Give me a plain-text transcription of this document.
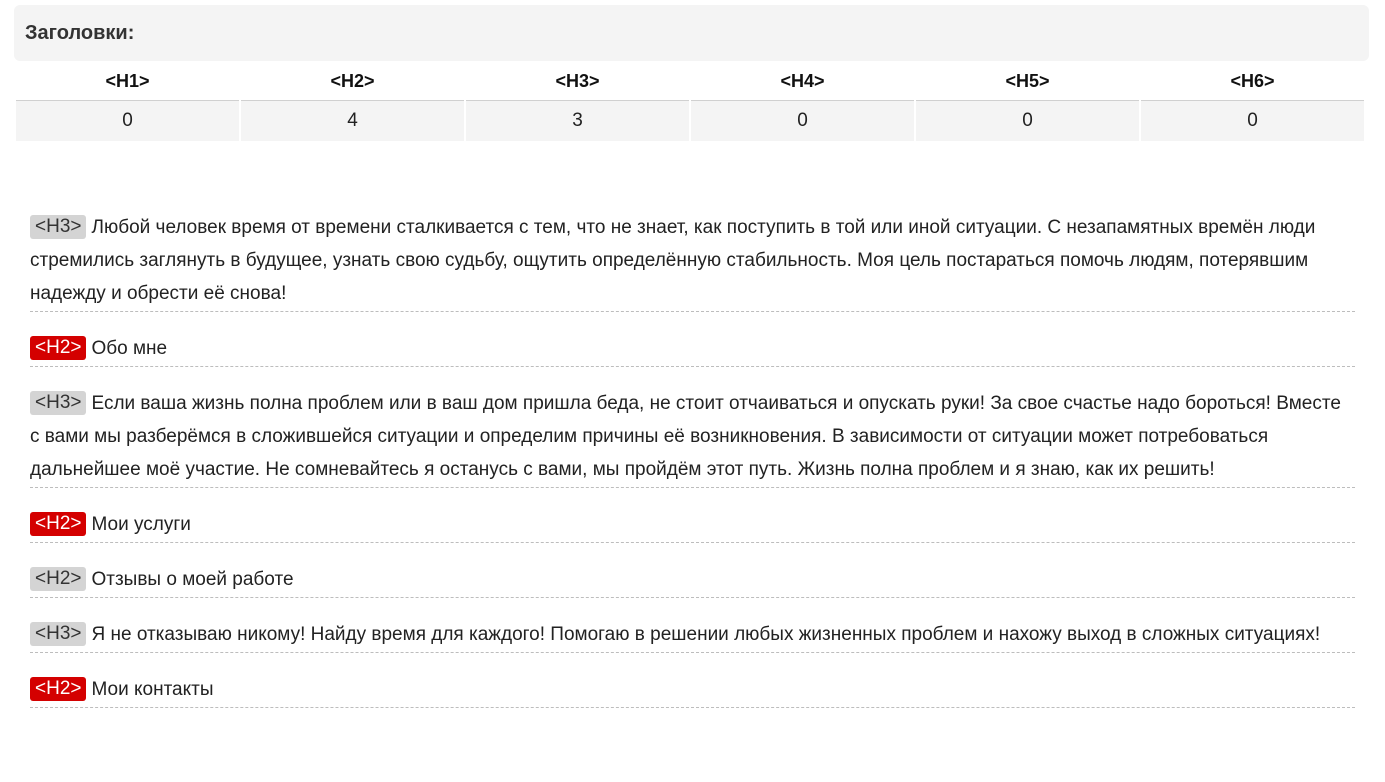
Заголовки:
<H1>	<H2>	<H3>	<H4>	<H5>	<H6>
0	4	3	0	0	0
<H3> Любой человек время от времени сталкивается с тем, что не знает, как поступить в той или иной ситуации. С незапамятных времён люди стремились заглянуть в будущее, узнать свою судьбу, ощутить определённую стабильность. Моя цель постараться помочь людям, потерявшим надежду и обрести её снова!
<H2> Обо мне
<H3> Если ваша жизнь полна проблем или в ваш дом пришла беда, не стоит отчаиваться и опускать руки! За свое счастье надо бороться! Вместе с вами мы разберёмся в сложившейся ситуации и определим причины её возникновения. В зависимости от ситуации может потребоваться дальнейшее моё участие. Не сомневайтесь я останусь с вами, мы пройдём этот путь. Жизнь полна проблем и я знаю, как их решить!
<H2> Мои услуги
<H2> Отзывы о моей работе
<H3> Я не отказываю никому! Найду время для каждого! Помогаю в решении любых жизненных проблем и нахожу выход в сложных ситуациях!
<H2> Мои контакты
